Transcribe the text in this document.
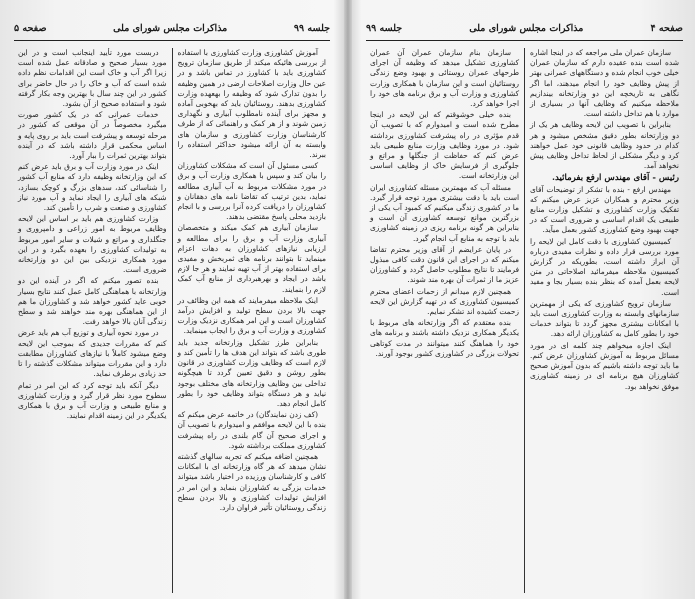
جلسه ۹۹
مذاکرات مجلس شورای ملی
صفحه ۵

آموزش کشاورزی وزارت کشاورزی با استفاده از بررسی هائیکه میکند از طریق سازمان ترویج کشاورزی باید با کشاورز در تماس باشد و در عین حال وزارت اصلاحات ارضی در همین وظیفه را بدون تدارک شود که وظیفه را بهعهده وزارت کشاورزی بدهند. روستائیان باید که بهخوبی آماده و مجهز برای آینده نامطلوب آبیاری و نگهداری زمین شوند و از هر کمک و راهنمائی که از طرف کارشناسان وزارت کشاورزی و سازمان های وابسته به آن ارائه میشود حداکثر استفاده را ببرند.

کسی مسئول آن است که مشکلات کشاورزان را بیان کند و سپس با همکاری وزارت آب و برق در مورد مشکلات مربوط به آب آبیاری مطالعه نماید، بدین ترتیب که تقاضا نامه های دهقانان و کشاورزان را دریافت کرده آنرا بررسی و با انجام بازدید محلی پاسخ مقتضی بدهند.

سازمان آبیاری هم کمک میکند و متخصصان آبیاری وزارت آب و برق را برای مطالعه و ارزیابی نیازهای کشاورزان به دهات اعزام مینماید تا بتوانند برنامه های ثمربخش و مفیدی برای استفاده بهتر از آب تهیه نمایند و هر جا لازم باشد در ایجاد و بهرهبرداری از منابع آب کمک لازم را بنمایند.

اینک ملاحظه میفرمایند که همه این وظائف در جهت بالا بردن سطح تولید و افزایش درآمد کشاورزان است و این امر همکاری نزدیک وزارت کشاورزی و وزارت آب و برق را ایجاب مینماید.

بنابراین طرز تشکیل وزارتخانه جدید باید طوری باشد که بتواند این هدف ها را تأمین کند و لازم است که وظایف وزارت کشاورزی در قانون بطور روشن و دقیق تعیین گردد تا هیچگونه تداخلی بین وظایف وزارتخانه های مختلف بوجود نیاید و هر دستگاه بتواند وظایف خود را بطور کامل انجام دهد.

(کف زدن نمایندگان) در خاتمه عرض میکنم که بنده با این لایحه موافقم و امیدوارم با تصویب آن و اجرای صحیح آن گام بلندی در راه پیشرفت کشاورزی مملکت برداشته شود.

همچنین اضافه میکنم که تجربه سالهای گذشته نشان میدهد که هر گاه وزارتخانه ای با امکانات کافی و کارشناسان ورزیده در اختیار باشد میتواند خدمات بزرگی به کشاورزان بنماید و این امر در افزایش تولیدات کشاورزی و بالا بردن سطح زندگی روستائیان تأثیر فراوان دارد.

دربست مورد تأیید اینجانب است و در این مورد بسیار صحیح و صادقانه عمل شده است زیرا اگر آب و خاک است این اقدامات نظم داده شده است که آب و خاک را در حال حاضر برای کشور در این چند سال با بهترین وجه بکار گرفته شود و استفاده صحیح از آن بشود.

خدمات عمرانی که در یک کشور صورت میگیرد مخصوصاً در آن موقعی که کشور در مرحله توسعه و پیشرفت است باید بر روی پایه و اساس محکمی قرار داشته باشد که در آینده بتواند بهترین ثمرات را ببار آورد.

اینک در مورد وزارت آب و برق باید عرض کنم که این وزارتخانه وظیفه دارد که منابع آب کشور را شناسائی کند، سدهای بزرگ و کوچک بسازد، شبکه های آبیاری را ایجاد نماید و آب مورد نیاز کشاورزی و صنعت و شرب را تأمین کند.

وزارت کشاورزی هم باید بر اساس این لایحه وظایف مربوط به امور زراعی و دامپروری و جنگلداری و مراتع و شیلات و سایر امور مربوط به تولیدات کشاورزی را بعهده بگیرد و در این مورد همکاری نزدیکی بین این دو وزارتخانه ضروری است.

بنده تصور میکنم که اگر در آینده این دو وزارتخانه با هماهنگی کامل عمل کنند نتایج بسیار خوبی عاید کشور خواهد شد و کشاورزان ما هم از این هماهنگی بهره مند خواهند شد و سطح زندگی آنان بالا خواهد رفت.

در مورد نحوه آبیاری و توزیع آب هم باید عرض کنم که مقررات جدیدی که بموجب این لایحه وضع میشود کاملاً با نیازهای کشاورزان مطابقت دارد و این مقررات میتواند مشکلات گذشته را تا حد زیادی برطرف نماید.

دیگر آنکه باید توجه کرد که این امر در تمام سطوح مورد نظر قرار گیرد و وزارت کشاورزی و منابع طبیعی و وزارت آب و برق با همکاری یکدیگر در این زمینه اقدام نمایند.

صفحه ۴
مذاکرات مجلس شورای ملی
جلسه ۹۹

سازمان عمران ملی مراجعه که در اینجا اشاره شده است بنده عقیده دارم که سازمان عمران خیلی خوب انجام شده و دستگاههای عمرانی بهتر از پیش وظایف خود را انجام میدهند، اما اگر نگاهی به تاریخچه این دو وزارتخانه بیندازیم ملاحظه میکنیم که وظایف آنها در بسیاری از موارد با هم تداخل داشته است.

بنابراین با تصویب این لایحه وظایف هر یک از دو وزارتخانه بطور دقیق مشخص میشود و هر کدام در حدود وظایف قانونی خود عمل خواهند کرد و دیگر مشکلی از لحاظ تداخل وظایف پیش نخواهد آمد.

رئیس - آقای مهندس ارفع بفرمائید.

مهندس ارفع - بنده با تشکر از توضیحات آقای وزیر محترم و همکاران عزیز عرض میکنم که تفکیک وزارت کشاورزی و تشکیل وزارت منابع طبیعی یک اقدام اساسی و ضروری است که در جهت بهبود وضع کشاورزی کشور بعمل میآید.

کمیسیون کشاورزی با دقت کامل این لایحه را مورد بررسی قرار داده و نظرات مفیدی درباره آن ابراز داشته است، بطوریکه در گزارش کمیسیون ملاحظه میفرمائید اصلاحاتی در متن لایحه بعمل آمده که بنظر بنده بسیار بجا و مفید است.

سازمان ترویج کشاورزی که یکی از مهمترین سازمانهای وابسته به وزارت کشاورزی است باید با امکانات بیشتری مجهز گردد تا بتواند خدمات خود را بطور کامل به کشاورزان ارائه دهد.

اینک اجازه میخواهم چند کلمه ای در مورد مسائل مربوط به آموزش کشاورزان عرض کنم. ما باید توجه داشته باشیم که بدون آموزش صحیح کشاورزان هیچ برنامه ای در زمینه کشاورزی موفق نخواهد بود.

سازمان بنام سازمان عمران آن عمران کشاورزی تشکیل میدهد که وظیفه آن اجرای طرحهای عمران روستائی و بهبود وضع زندگی روستائیان است و این سازمان با همکاری وزارت کشاورزی و وزارت آب و برق برنامه های خود را اجرا خواهد کرد.

بنده خیلی خوشوقتم که این لایحه در اینجا مطرح شده است و امیدوارم که با تصویب آن قدم مؤثری در راه پیشرفت کشاورزی برداشته شود. در مورد وظایف وزارت منابع طبیعی باید عرض کنم که حفاظت از جنگلها و مراتع و جلوگیری از فرسایش خاک از وظایف اساسی این وزارتخانه است.

مسئله آب که مهمترین مسئله کشاورزی ایران است باید با دقت بیشتری مورد توجه قرار گیرد. ما در کشوری زندگی میکنیم که کمبود آب یکی از بزرگترین موانع توسعه کشاورزی آن است و بنابراین هر گونه برنامه ریزی در زمینه کشاورزی باید با توجه به منابع آب انجام گیرد.

در پایان عرایضم از آقای وزیر محترم تقاضا میکنم که در اجرای این قانون دقت کافی مبذول فرمایند تا نتایج مطلوب حاصل گردد و کشاورزان عزیز ما از ثمرات آن بهره مند شوند.

همچنین لازم میدانم از زحمات اعضای محترم کمیسیون کشاورزی که در تهیه گزارش این لایحه زحمت کشیده اند تشکر نمایم.

بنده معتقدم که اگر وزارتخانه های مربوط با یکدیگر همکاری نزدیک داشته باشند و برنامه های خود را هماهنگ کنند میتوانند در مدت کوتاهی تحولات بزرگی در کشاورزی کشور بوجود آورند.
